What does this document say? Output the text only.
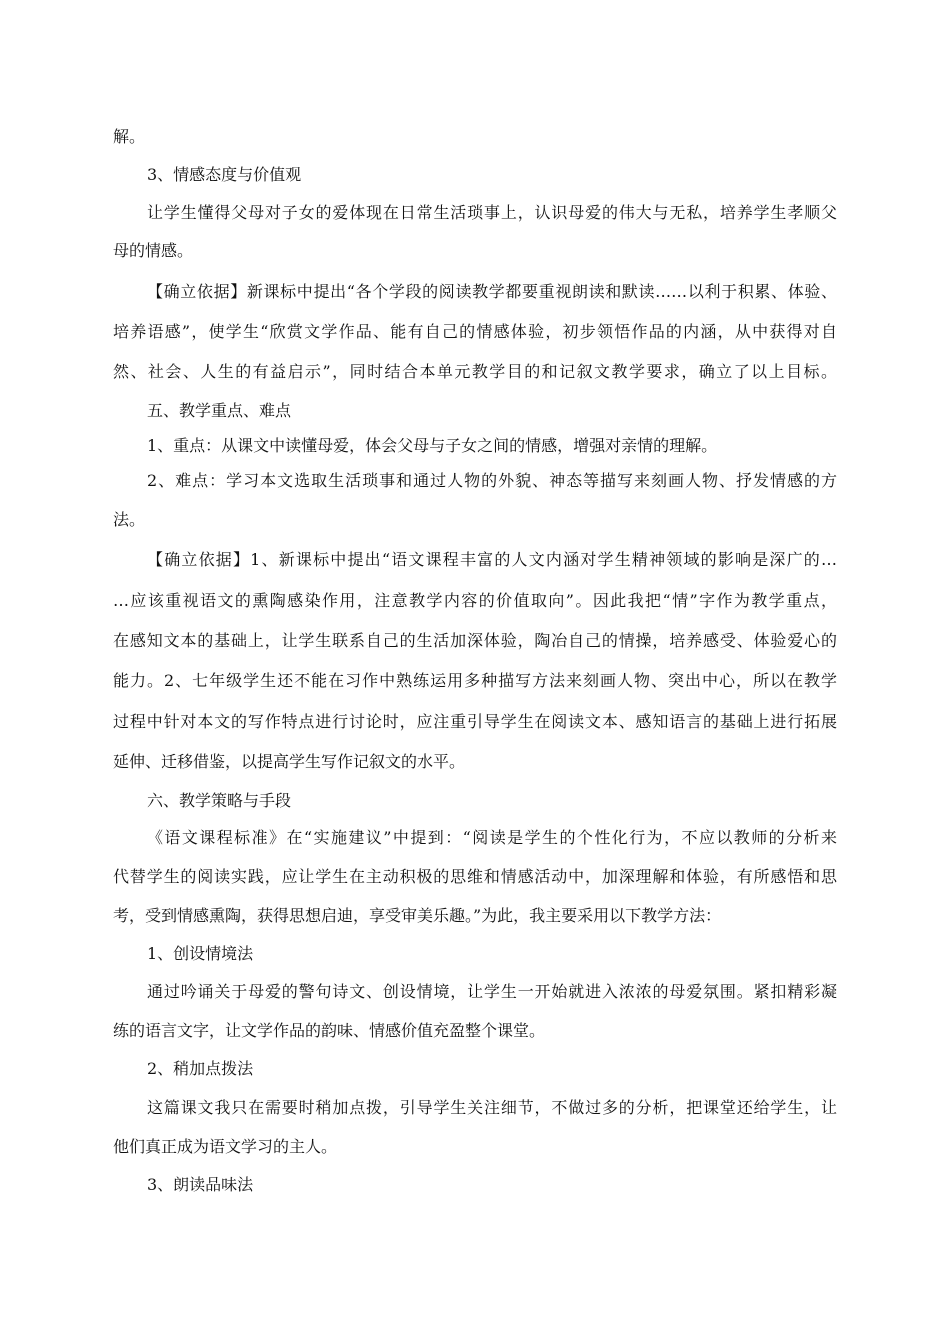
解。
3、情感态度与价值观
让学生懂得父母对子女的爱体现在日常生活琐事上，认识母爱的伟大与无私，培养学生孝顺父
母的情感。
【确立依据】新课标中提出“各个学段的阅读教学都要重视朗读和默读……以利于积累、体验、
培养语感”，使学生“欣赏文学作品、能有自己的情感体验，初步领悟作品的内涵，从中获得对自
然、社会、人生的有益启示”，同时结合本单元教学目的和记叙文教学要求，确立了以上目标。
五、教学重点、难点
1、重点：从课文中读懂母爱，体会父母与子女之间的情感，增强对亲情的理解。
2、难点：学习本文选取生活琐事和通过人物的外貌、神态等描写来刻画人物、抒发情感的方
法。
【确立依据】1、新课标中提出“语文课程丰富的人文内涵对学生精神领域的影响是深广的…
…应该重视语文的熏陶感染作用，注意教学内容的价值取向”。因此我把“情”字作为教学重点，
在感知文本的基础上，让学生联系自己的生活加深体验，陶冶自己的情操，培养感受、体验爱心的
能力。2、七年级学生还不能在习作中熟练运用多种描写方法来刻画人物、突出中心，所以在教学
过程中针对本文的写作特点进行讨论时，应注重引导学生在阅读文本、感知语言的基础上进行拓展
延伸、迁移借鉴，以提高学生写作记叙文的水平。
六、教学策略与手段
《语文课程标准》在“实施建议”中提到：“阅读是学生的个性化行为，不应以教师的分析来
代替学生的阅读实践，应让学生在主动积极的思维和情感活动中，加深理解和体验，有所感悟和思
考，受到情感熏陶，获得思想启迪，享受审美乐趣。”为此，我主要采用以下教学方法：
1、创设情境法
通过吟诵关于母爱的警句诗文、创设情境，让学生一开始就进入浓浓的母爱氛围。紧扣精彩凝
练的语言文字，让文学作品的韵味、情感价值充盈整个课堂。
2、稍加点拨法
这篇课文我只在需要时稍加点拨，引导学生关注细节，不做过多的分析，把课堂还给学生，让
他们真正成为语文学习的主人。
3、朗读品味法
